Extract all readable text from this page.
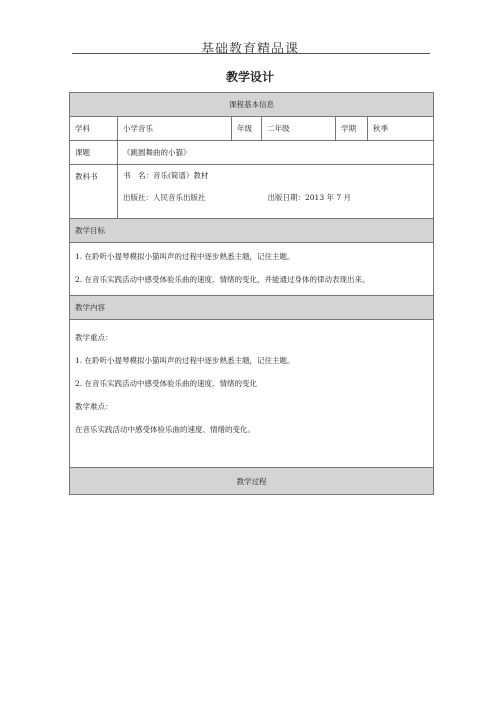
基础教育精品课
教学设计
课程基本信息					
学科	小学音乐	年级	二年级	学期	秋季
课题	《跳圆舞曲的小猫》				
教科书	书　名：音乐(简谱）教材
出版社：人民音乐出版社 出版日期：2013 年 7 月				

教学目标					

1. 在聆听小提琴模拟小猫叫声的过程中逐步熟悉主题，记住主题。
2. 在音乐实践活动中感受体验乐曲的速度、情绪的变化，并能通过身体的律动表现出来。					

教学内容					

教学重点：
1. 在聆听小提琴模拟小猫叫声的过程中逐步熟悉主题，记住主题。
2. 在音乐实践活动中感受体验乐曲的速度、情绪的变化
教学难点：
在音乐实践活动中感受体验乐曲的速度、情绪的变化。					

教学过程					
